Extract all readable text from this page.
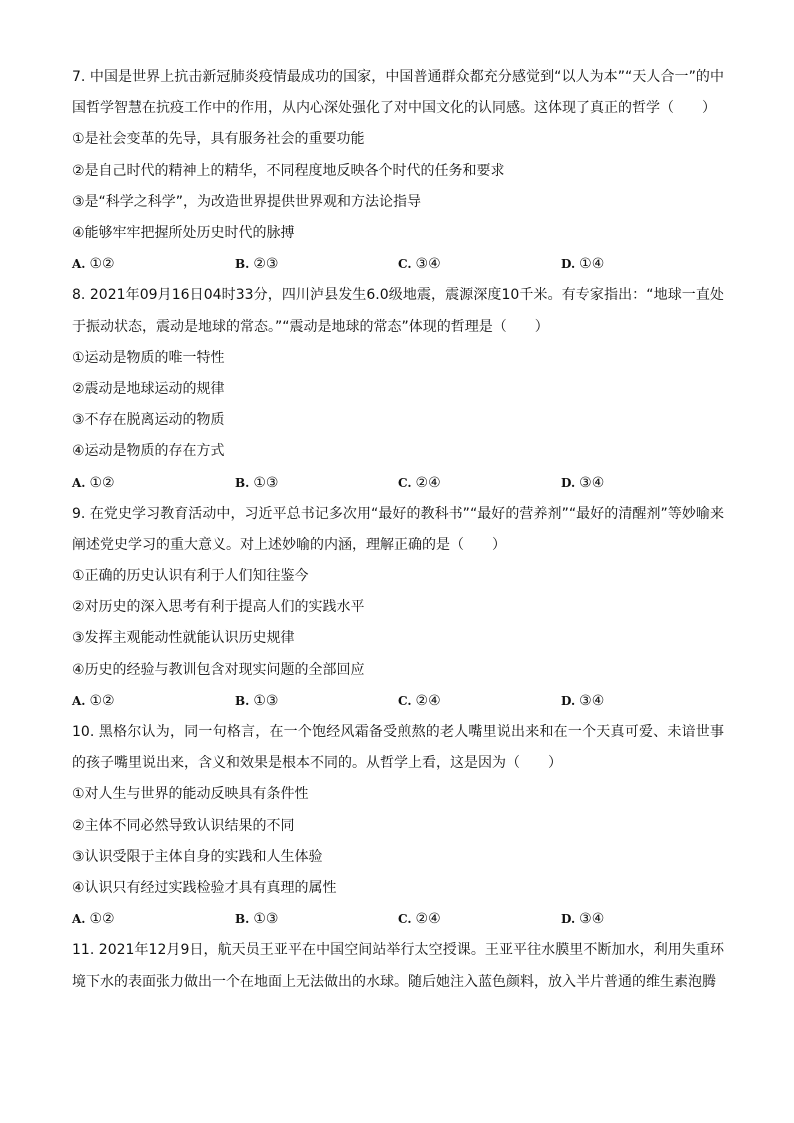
7. 中国是世界上抗击新冠肺炎疫情最成功的国家，中国普通群众都充分感觉到“以人为本”“天人合一”的中国哲学智慧在抗疫工作中的作用，从内心深处强化了对中国文化的认同感。这体现了真正的哲学（　　）
①是社会变革的先导，具有服务社会的重要功能
②是自己时代的精神上的精华，不同程度地反映各个时代的任务和要求
③是“科学之科学”，为改造世界提供世界观和方法论指导
④能够牢牢把握所处历史时代的脉搏
A. ①②	B. ②③	C. ③④	D. ①④
8. 2021年09月16日04时33分，四川泸县发生6.0级地震，震源深度10千米。有专家指出：“地球一直处于振动状态，震动是地球的常态。”“震动是地球的常态”体现的哲理是（　　）
①运动是物质的唯一特性
②震动是地球运动的规律
③不存在脱离运动的物质
④运动是物质的存在方式
A. ①②	B. ①③	C. ②④	D. ③④
9. 在党史学习教育活动中，习近平总书记多次用“最好的教科书”“最好的营养剂”“最好的清醒剂”等妙喻来阐述党史学习的重大意义。对上述妙喻的内涵，理解正确的是（　　）
①正确的历史认识有利于人们知往鉴今
②对历史的深入思考有利于提高人们的实践水平
③发挥主观能动性就能认识历史规律
④历史的经验与教训包含对现实问题的全部回应
A. ①②	B. ①③	C. ②④	D. ③④
10. 黑格尔认为，同一句格言，在一个饱经风霜备受煎熬的老人嘴里说出来和在一个天真可爱、未谙世事的孩子嘴里说出来，含义和效果是根本不同的。从哲学上看，这是因为（　　）
①对人生与世界的能动反映具有条件性
②主体不同必然导致认识结果的不同
③认识受限于主体自身的实践和人生体验
④认识只有经过实践检验才具有真理的属性
A. ①②	B. ①③	C. ②④	D. ③④
11. 2021年12月9日，航天员王亚平在中国空间站举行太空授课。王亚平往水膜里不断加水，利用失重环境下水的表面张力做出一个在地面上无法做出的水球。随后她注入蓝色颜料，放入半片普通的维生素泡腾
